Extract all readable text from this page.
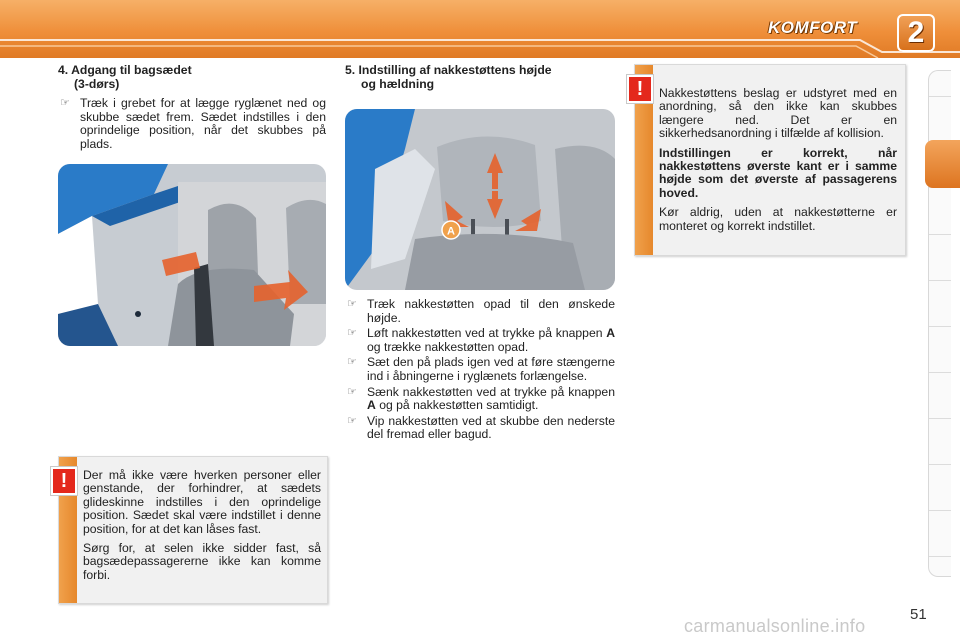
KOMFORT	2
4. Adgang til bagsædet
(3-dørs)
☞ Træk i grebet for at lægge ryglænet ned og skubbe sædet frem. Sædet indstilles i den oprindelige position, når det skubbes på plads.
5. Indstilling af nakkestøttens højde
og hældning
A
☞ Træk nakkestøtten opad til den ønskede højde.
☞ Løft nakkestøtten ved at trykke på knappen A og trække nakkestøtten opad.
☞ Sæt den på plads igen ved at føre stængerne ind i åbningerne i ryglænets forlængelse.
☞ Sænk nakkestøtten ved at trykke på knappen A og på nakkestøtten samtidigt.
☞ Vip nakkestøtten ved at skubbe den nederste del fremad eller bagud.

Nakkestøttens beslag er udstyret med en anordning, så den ikke kan skubbes længere ned. Det er en sikkerhedsanordning i tilfælde af kollision.

Indstillingen er korrekt, når nakkestøttens øverste kant er i samme højde som det øverste af passagerens hoved.

Kør aldrig, uden at nakkestøtterne er monteret og korrekt indstillet.

!

Der må ikke være hverken personer eller genstande, der forhindrer, at sædets glideskinne indstilles i den oprindelige position. Sædet skal være indstillet i denne position, for at det kan låses fast.

Sørg for, at selen ikke sidder fast, så bagsædepassagererne ikke kan komme forbi.

!
51
carmanualsonline.info
